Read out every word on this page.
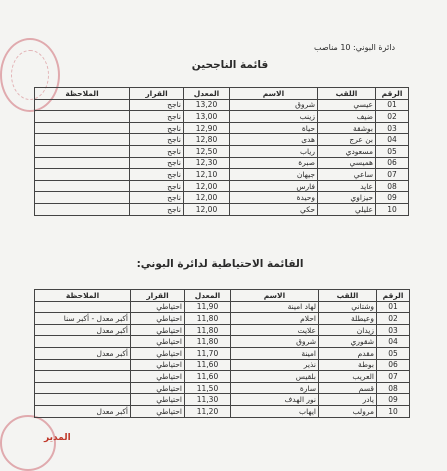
دائرة البوني: 10 مناصب
قائمة الناجحين
الرقم	اللقب	الاسم	المعدل	القرار	الملاحظة
01	عيسي	شروق	13,20	ناجح	
02	ضيف	زينب	13,00	ناجح	
03	بوشقة	حياة	12,90	ناجح	
04	بن عرج	هدى	12,80	ناجح	
05	مسعودي	رياب	12,50	ناجح	
06	همیسي	صبرة	12,30	ناجح	
07	ساعي	جيهان	12,10	ناجح	
08	عايد	فارس	12,00	ناجح	
09	حيزاوي	وحيدة	12,00	ناجح	
10	عليلي	حكي	12,00	ناجح	
القائمة الاحتياطية لدائرة البوني:
الرقم	اللقب	الاسم	المعدل	القرار	الملاحظة
01	وشتاني	لهاد امينة	11,90	احتياطي	
02	وعيطلة	احلام	11,80	احتياطي	أكبر معدل - أكبر سنا
03	زيدان	علايت	11,80	احتياطي	أكبر معدل
04	شقوري	شروق	11,80	احتياطي	
05	مقدم	امينة	11,70	احتياطي	أكبر معدل
06	بوطة	نذير	11,60	احتياطي	
07	العريب	بلقيس	11,60	احتياطي	
08	قسم	سارة	11,50	احتياطي	
09	يادر	نور الهدف	11,30	احتياطي	
10	مرولب	ايهاب	11,20	احتياطي	أكبر معدل
المدير
